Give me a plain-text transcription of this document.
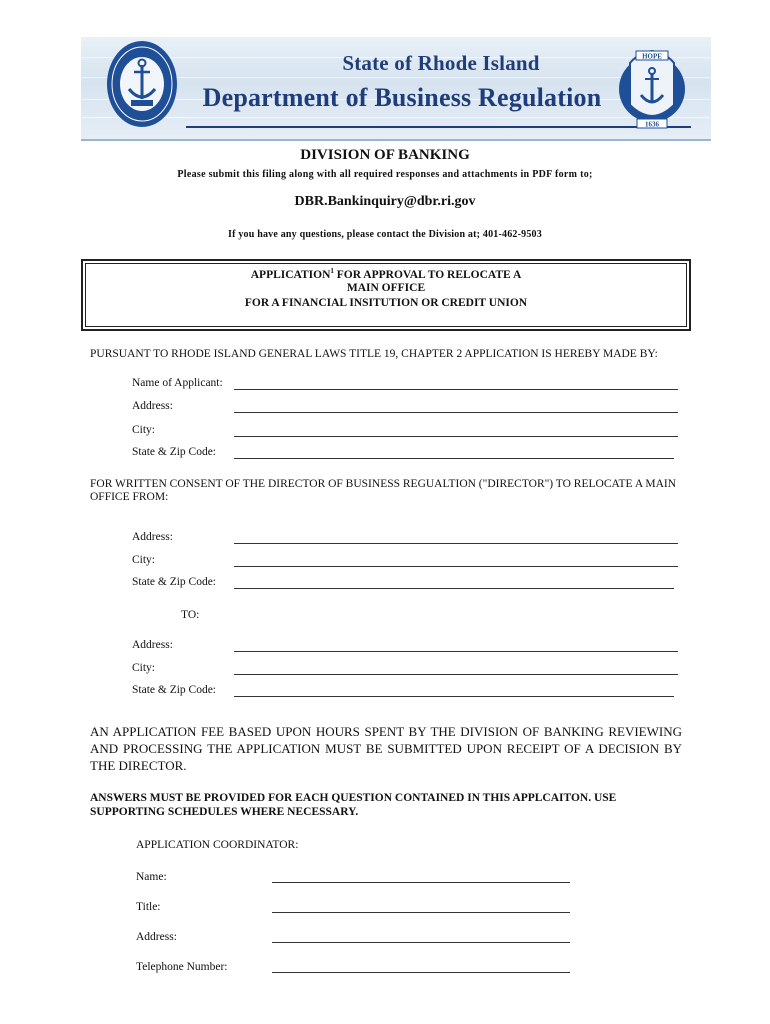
State of Rhode Island
Department of Business Regulation
HOPE
1636
DIVISION OF BANKING
Please submit this filing along with all required responses and attachments in PDF form to;
DBR.Bankinquiry@dbr.ri.gov
If you have any questions, please contact the Division at; 401-462-9503
APPLICATION$^1$ FOR APPROVAL TO RELOCATE A
MAIN OFFICE
FOR A FINANCIAL INSITUTION OR CREDIT UNION
PURSUANT TO RHODE ISLAND GENERAL LAWS TITLE 19, CHAPTER 2 APPLICATION IS HEREBY MADE BY:
Name of Applicant:
Address:
City:
State & Zip Code:
FOR WRITTEN CONSENT OF THE DIRECTOR OF BUSINESS REGUALTION ("DIRECTOR") TO RELOCATE A MAIN OFFICE FROM:
Address:
City:
State & Zip Code:
TO:
Address:
City:
State & Zip Code:
AN APPLICATION FEE BASED UPON HOURS SPENT BY THE DIVISION OF BANKING REVIEWING AND PROCESSING THE APPLICATION MUST BE SUBMITTED UPON RECEIPT OF A DECISION BY THE DIRECTOR.
ANSWERS MUST BE PROVIDED FOR EACH QUESTION CONTAINED IN THIS APPLCAITON. USE SUPPORTING SCHEDULES WHERE NECESSARY.
APPLICATION COORDINATOR:
Name:
Title:
Address:
Telephone Number:
